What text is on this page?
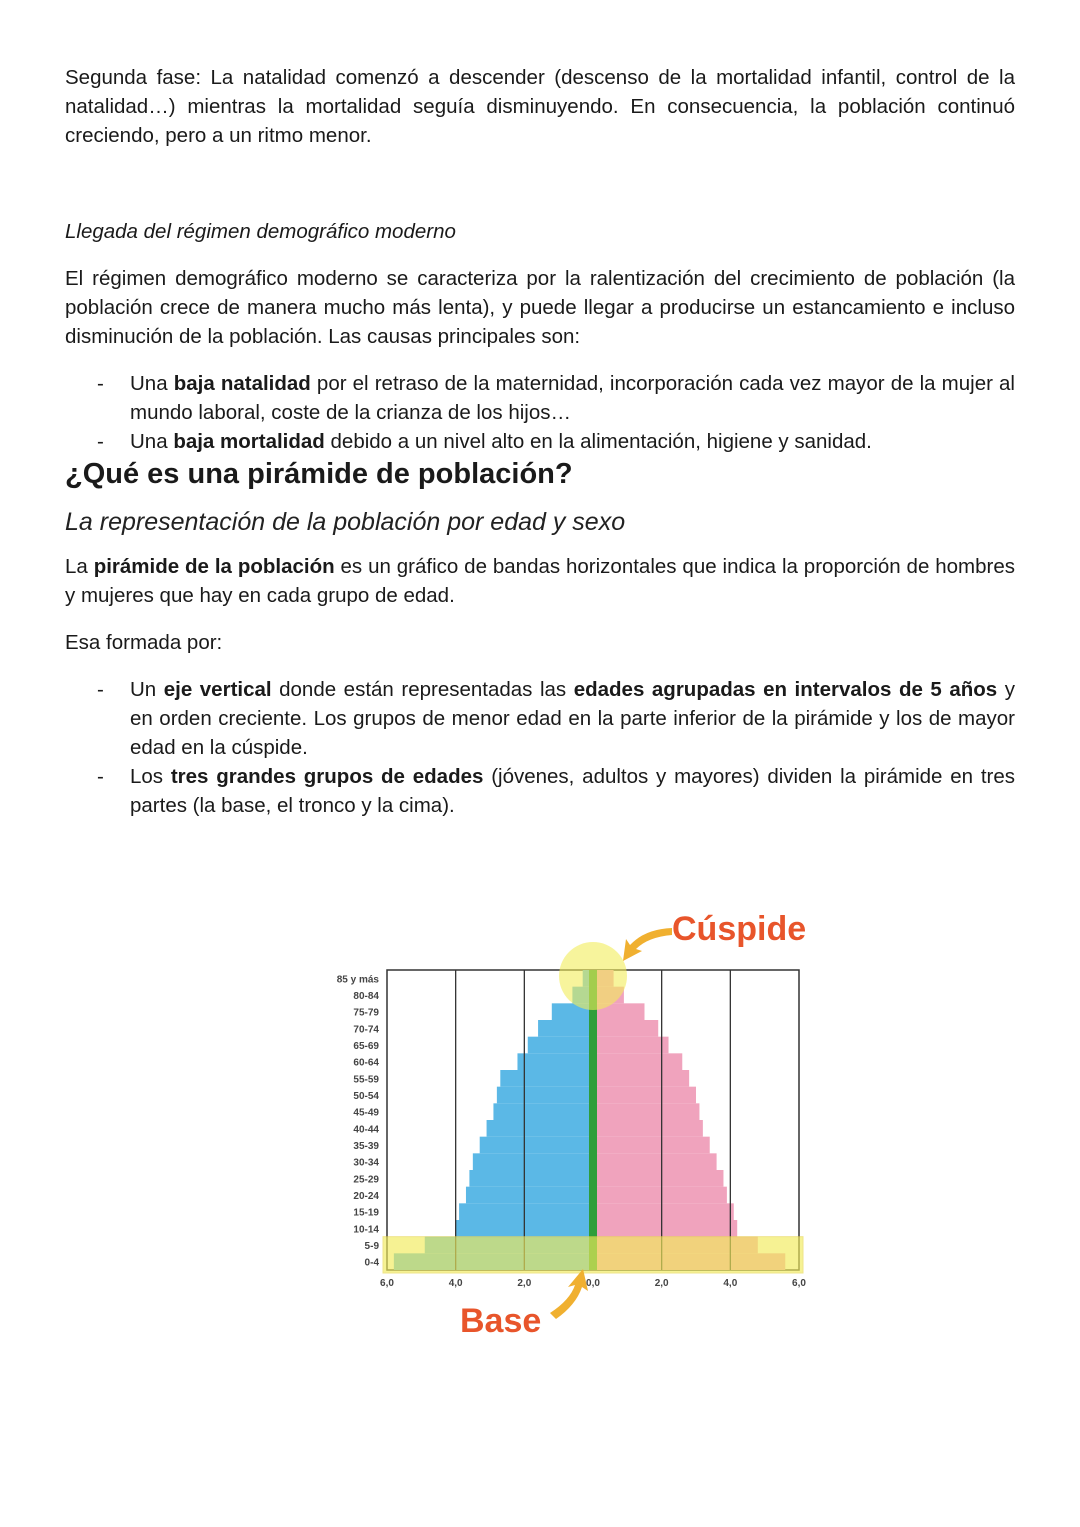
Segunda fase: La natalidad comenzó a descender (descenso de la mortalidad infantil, control de la natalidad…) mientras la mortalidad seguía disminuyendo. En consecuencia, la población continuó creciendo, pero a un ritmo menor.

Llegada del régimen demográfico moderno

El régimen demográfico moderno se caracteriza por la ralentización del crecimiento de población (la población crece de manera mucho más lenta), y puede llegar a producirse un estancamiento e incluso disminución de la población. Las causas principales son:

- Una baja natalidad por el retraso de la maternidad, incorporación cada vez mayor de la mujer al mundo laboral, coste de la crianza de los hijos…
- Una baja mortalidad debido a un nivel alto en la alimentación, higiene y sanidad.
¿Qué es una pirámide de población?
La representación de la población por edad y sexo

La pirámide de la población es un gráfico de bandas horizontales que indica la proporción de hombres y mujeres que hay en cada grupo de edad.

Esa formada por:

- Un eje vertical donde están representadas las edades agrupadas en intervalos de 5 años y en orden creciente. Los grupos de menor edad en la parte inferior de la pirámide y los de mayor edad en la cúspide.
- Los tres grandes grupos de edades (jóvenes, adultos y mayores) dividen la pirámide en tres partes (la base, el tronco y la cima).
0-4
5-9
10-14
15-19
20-24
25-29
30-34
35-39
40-44
45-49
50-54
55-59
60-64
65-69
70-74
75-79
80-84
85 y más
6,0	4,0	2,0	0,0	2,0	4,0	6,0
Cúspide
Base
